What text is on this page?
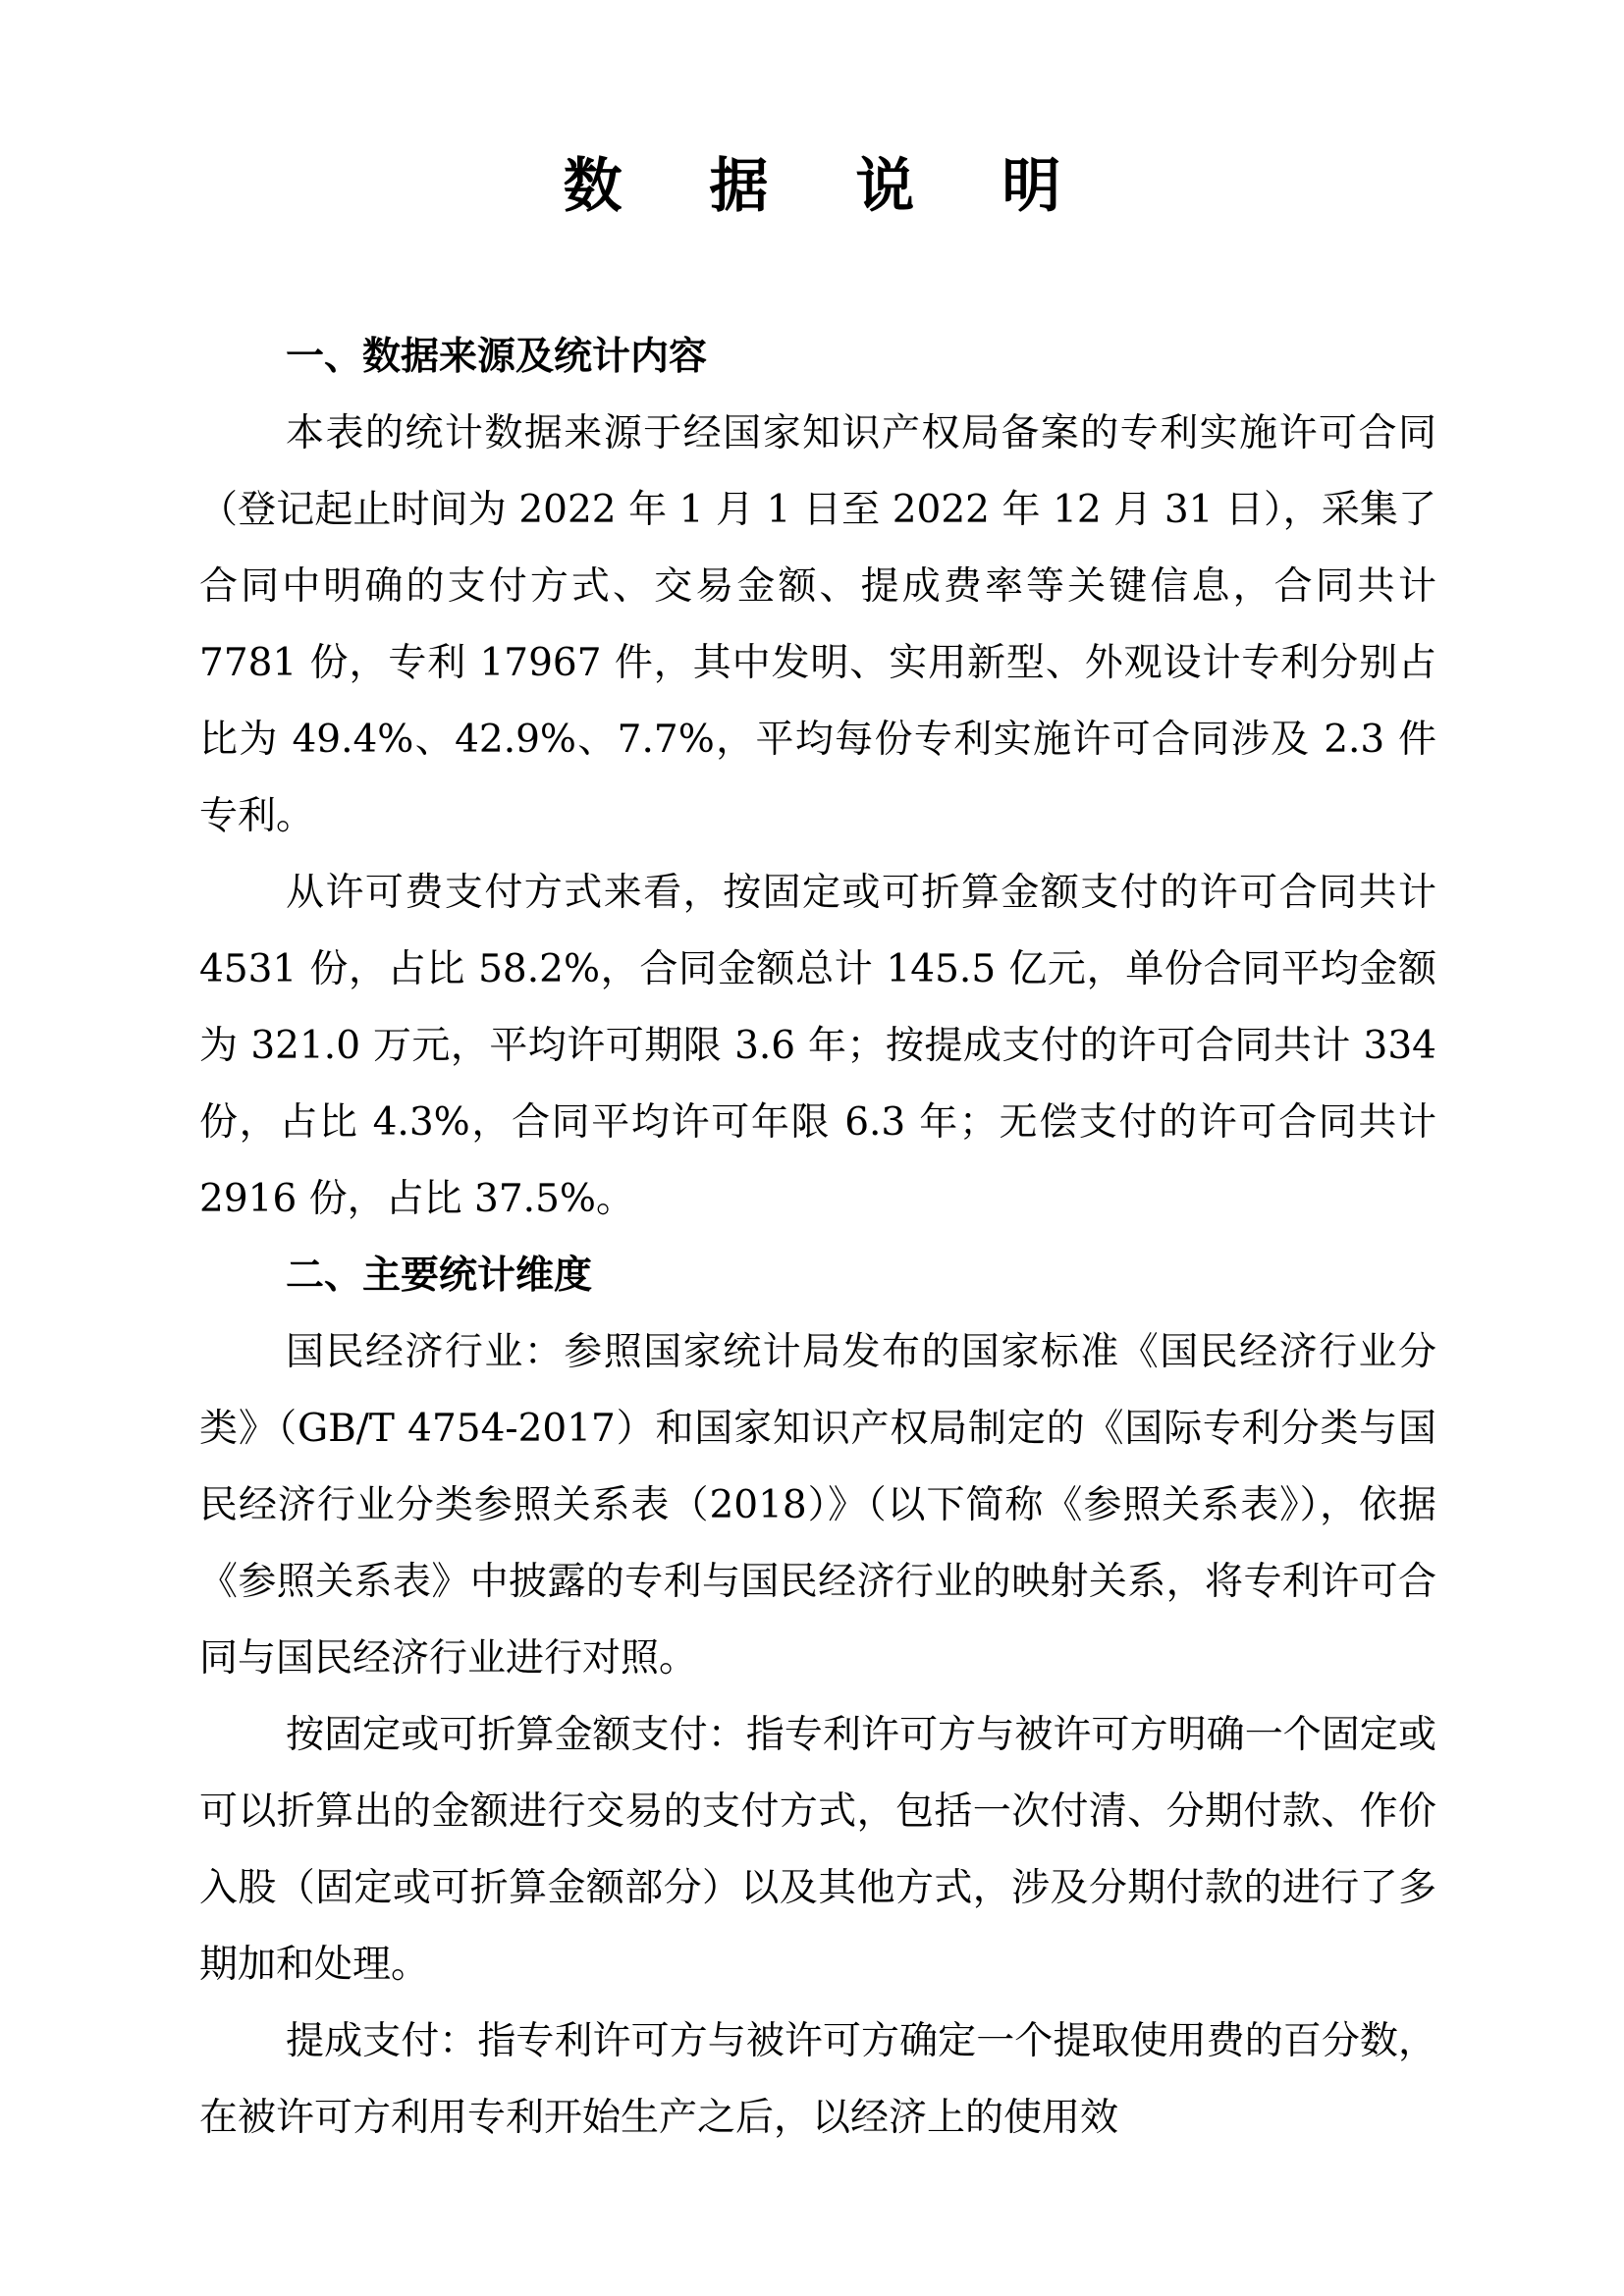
数 据 说 明

一、数据来源及统计内容

本表的统计数据来源于经国家知识产权局备案的专利实施许可合同（登记起止时间为 2022 年 1 月 1 日至 2022 年 12 月 31 日），采集了合同中明确的支付方式、交易金额、提成费率等关键信息，合同共计 7781 份，专利 17967 件，其中发明、实用新型、外观设计专利分别占比为 49.4%、42.9%、7.7%，平均每份专利实施许可合同涉及 2.3 件专利。

从许可费支付方式来看，按固定或可折算金额支付的许可合同共计 4531 份，占比 58.2%，合同金额总计 145.5 亿元，单份合同平均金额为 321.0 万元，平均许可期限 3.6 年；按提成支付的许可合同共计 334 份，占比 4.3%，合同平均许可年限 6.3 年；无偿支付的许可合同共计 2916 份，占比 37.5%。

二、主要统计维度

国民经济行业：参照国家统计局发布的国家标准《国民经济行业分类》（GB/T 4754-2017）和国家知识产权局制定的《国际专利分类与国民经济行业分类参照关系表（2018）》（以下简称《参照关系表》），依据《参照关系表》中披露的专利与国民经济行业的映射关系，将专利许可合同与国民经济行业进行对照。

按固定或可折算金额支付：指专利许可方与被许可方明确一个固定或可以折算出的金额进行交易的支付方式，包括一次付清、分期付款、作价入股（固定或可折算金额部分）以及其他方式，涉及分期付款的进行了多期加和处理。

提成支付：指专利许可方与被许可方确定一个提取使用费的百分数，在被许可方利用专利开始生产之后，以经济上的使用效
